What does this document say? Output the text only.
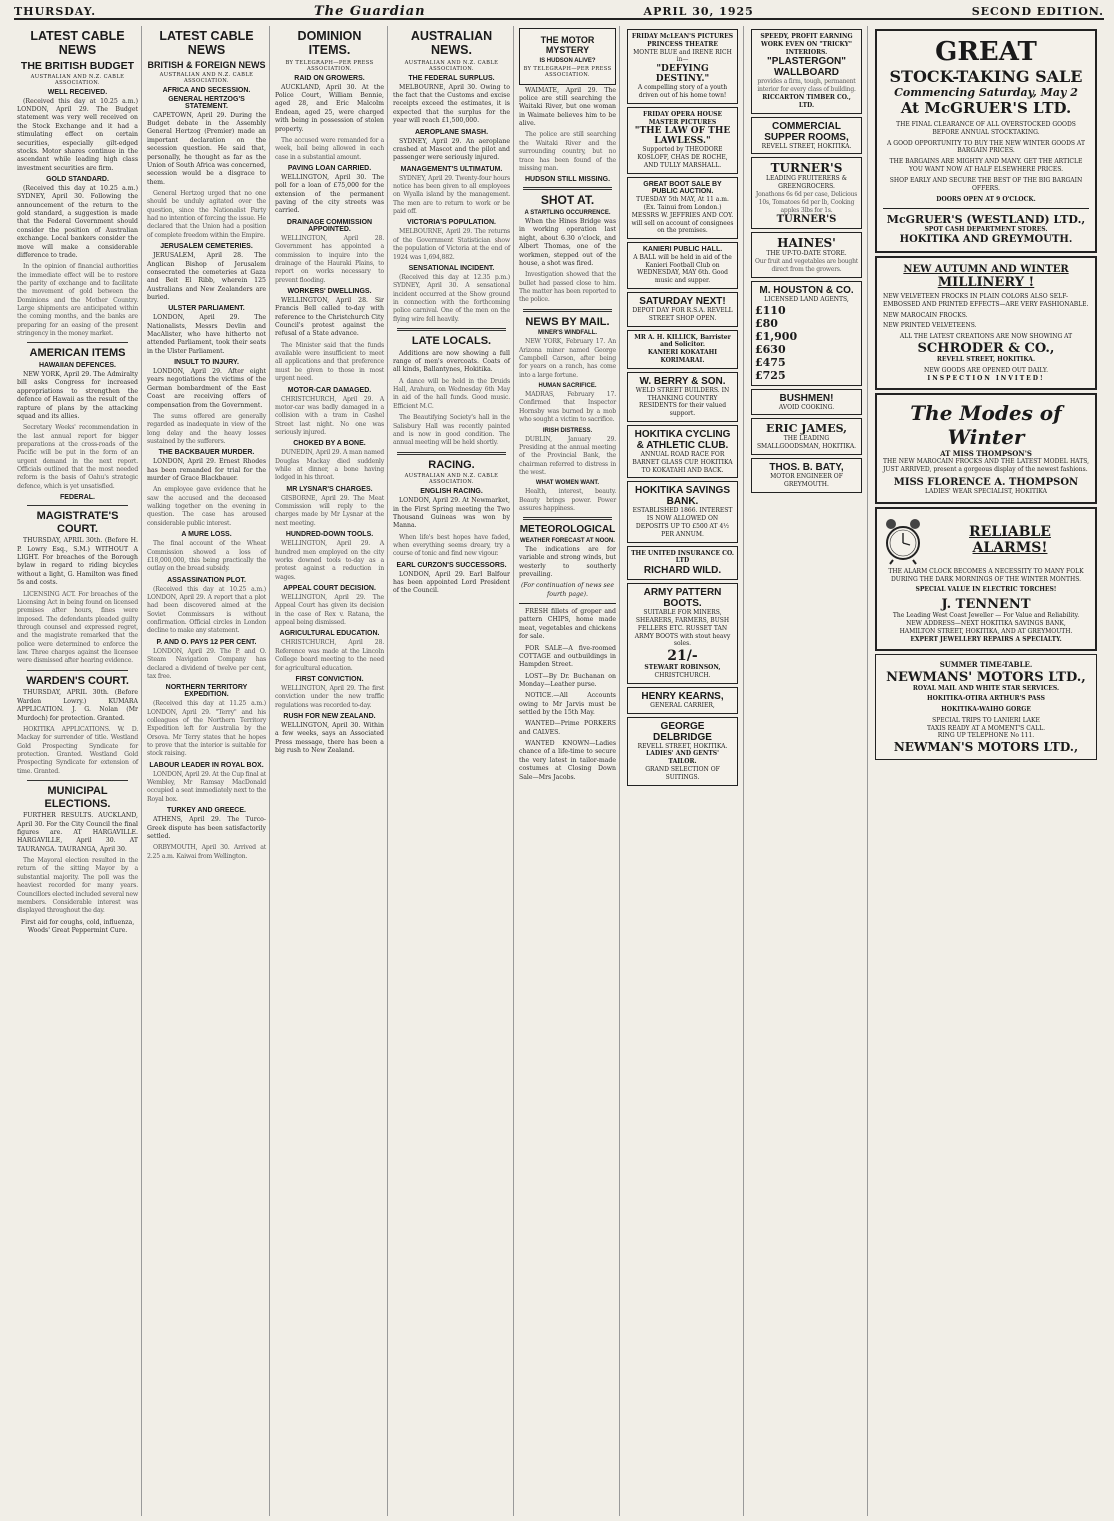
THURSDAY.	The Guardian	APRIL 30, 1925	SECOND EDITION.
LATEST CABLE NEWS
THE BRITISH BUDGET
AUSTRALIAN AND N.Z. CABLE ASSOCIATION.
WELL RECEIVED.

(Received this day at 10.25 a.m.) LONDON, April 29. The Budget statement was very well received on the Stock Exchange and it had a stimulating effect on certain securities, especially gilt-edged stocks. Motor shares continue in the ascendant while leading high class investment securities are firm.

GOLD STANDARD.

(Received this day at 10.25 a.m.) SYDNEY, April 30. Following the announcement of the return to the gold standard, a suggestion is made that the Federal Government should consider the position of Australian exchange. Local bankers consider the move will make a considerable difference to trade.

In the opinion of financial authorities the immediate effect will be to restore the parity of exchange and to facilitate the movement of gold between the Dominions and the Mother Country. Large shipments are anticipated within the coming months, and the banks are preparing for an easing of the present stringency in the money market.

AMERICAN ITEMS
HAWAIIAN DEFENCES.

NEW YORK, April 29. The Admiralty bill asks Congress for increased appropriations to strengthen the defence of Hawaii as the result of the rapture of plans by the attacking squad and its allies.

Secretary Weeks' recommendation in the last annual report for bigger preparations at the cross-roads of the Pacific will be put in the form of an urgent demand in the next report. Officials outlined that the most needed reform is the basis of Oahu's strategic defence, which is yet unsatisfied.

FEDERAL.
MAGISTRATE'S COURT.

THURSDAY, APRIL 30th. (Before H. P. Lowry Esq., S.M.) WITHOUT A LIGHT. For breaches of the Borough bylaw in regard to riding bicycles without a light, G. Hamilton was fined 5s and costs.

LICENSING ACT. For breaches of the Licensing Act in being found on licensed premises after hours, fines were imposed. The defendants pleaded guilty through counsel and expressed regret, and the magistrate remarked that the police were determined to enforce the law. Three charges against the licensee were dismissed after hearing evidence.

WARDEN'S COURT.

THURSDAY, APRIL 30th. (Before Warden Lowry.) KUMARA APPLICATION. J. G. Nolan (Mr Murdoch) for protection. Granted.

HOKITIKA APPLICATIONS. W. D. Mackay for surrender of title. Westland Gold Prospecting Syndicate for protection. Granted. Westland Gold Prospecting Syndicate for extension of time. Granted.

MUNICIPAL ELECTIONS.

FURTHER RESULTS. AUCKLAND, April 30. For the City Council the final figures are. AT HARGAVILLE. HARGAVILLE, April 30. AT TAURANGA. TAURANGA, April 30.

The Mayoral election resulted in the return of the sitting Mayor by a substantial majority. The poll was the heaviest recorded for many years. Councillors elected included several new members. Considerable interest was displayed throughout the day.

First aid for coughs, cold, influenza, Woods' Great Peppermint Cure.
LATEST CABLE NEWS
BRITISH & FOREIGN NEWS
AUSTRALIAN AND N.Z. CABLE ASSOCIATION.
AFRICA AND SECESSION.
GENERAL HERTZOG'S STATEMENT.

CAPETOWN, April 29. During the Budget debate in the Assembly General Hertzog (Premier) made an important declaration on the secession question. He said that, personally, he thought as far as the Union of South Africa was concerned, secession would be a disgrace to them.

General Hertzog urged that no one should be unduly agitated over the question, since the Nationalist Party had no intention of forcing the issue. He declared that the Union had a position of complete freedom within the Empire.

JERUSALEM CEMETERIES.

JERUSALEM, April 28. The Anglican Bishop of Jerusalem consecrated the cemeteries at Gaza and Beit El Ribb, wherein 125 Australians and New Zealanders are buried.

ULSTER PARLIAMENT.

LONDON, April 29. The Nationalists, Messrs Devlin and MacAlister, who have hitherto not attended Parliament, took their seats in the Ulster Parliament.

INSULT TO INJURY.

LONDON, April 29. After eight years negotiations the victims of the German bombardment of the East Coast are receiving offers of compensation from the Government.

The sums offered are generally regarded as inadequate in view of the long delay and the heavy losses sustained by the sufferers.

THE BACKBAUER MURDER.

LONDON, April 29. Ernest Rhodes has been remanded for trial for the murder of Grace Blackbauer.

An employee gave evidence that he saw the accused and the deceased walking together on the evening in question. The case has aroused considerable public interest.

A MURE LOSS.

The final account of the Wheat Commission showed a loss of £18,000,000, this being practically the outlay on the bread subsidy.

ASSASSINATION PLOT.

(Received this day at 10.25 a.m.) LONDON, April 29. A report that a plot had been discovered aimed at the Soviet Commissars is without confirmation. Official circles in London decline to make any statement.

P. AND O. PAYS 12 PER CENT.

LONDON, April 29. The P. and O. Steam Navigation Company has declared a dividend of twelve per cent, tax free.

NORTHERN TERRITORY EXPEDITION.

(Received this day at 11.25 a.m.) LONDON, April 29. "Terry" and his colleagues of the Northern Territory Expedition left for Australia by the Orsova. Mr Terry states that he hopes to prove that the interior is suitable for stock raising.

LABOUR LEADER IN ROYAL BOX.

LONDON, April 29. At the Cup final at Wembley, Mr Ramsay MacDonald occupied a seat immediately next to the Royal box.

TURKEY AND GREECE.

ATHENS, April 29. The Turco-Greek dispute has been satisfactorily settled.

ORBYMOUTH, April 30. Arrived at 2.25 a.m. Kaiwai from Wellington.

DOMINION ITEMS.
BY TELEGRAPH—PER PRESS ASSOCIATION.
RAID ON GROWERS.

AUCKLAND, April 30. At the Police Court, William Bennie, aged 28, and Eric Malcolm Endean, aged 25, were charged with being in possession of stolen property.

The accused were remanded for a week, bail being allowed in each case in a substantial amount.

PAVING LOAN CARRIED.

WELLINGTON, April 30. The poll for a loan of £75,000 for the extension of the permanent paving of the city streets was carried.

DRAINAGE COMMISSION APPOINTED.

WELLINGTON, April 28. Government has appointed a commission to inquire into the drainage of the Hauraki Plains, to report on works necessary to prevent flooding.

WORKERS' DWELLINGS.

WELLINGTON, April 28. Sir Francis Bell called to-day with reference to the Christchurch City Council's protest against the refusal of a State advance.

The Minister said that the funds available were insufficient to meet all applications and that preference must be given to those in most urgent need.

MOTOR-CAR DAMAGED.

CHRISTCHURCH, April 29. A motor-car was badly damaged in a collision with a tram in Cashel Street last night. No one was seriously injured.

CHOKED BY A BONE.

DUNEDIN, April 29. A man named Douglas Mackay died suddenly while at dinner, a bone having lodged in his throat.

MR LYSNAR'S CHARGES.

GISBORNE, April 29. The Meat Commission will reply to the charges made by Mr Lysnar at the next meeting.

HUNDRED-DOWN TOOLS.

WELLINGTON, April 29. A hundred men employed on the city works downed tools to-day as a protest against a reduction in wages.

APPEAL COURT DECISION.

WELLINGTON, April 29. The Appeal Court has given its decision in the case of Rex v. Ratana, the appeal being dismissed.

AGRICULTURAL EDUCATION.

CHRISTCHURCH, April 28. Reference was made at the Lincoln College board meeting to the need for agricultural education.

FIRST CONVICTION.

WELLINGTON, April 29. The first conviction under the new traffic regulations was recorded to-day.

RUSH FOR NEW ZEALAND.

WELLINGTON, April 30. Within a few weeks, says an Associated Press message, there has been a big rush to New Zealand.

AUSTRALIAN NEWS.
AUSTRALIAN AND N.Z. CABLE ASSOCIATION.
THE FEDERAL SURPLUS.

MELBOURNE, April 30. Owing to the fact that the Customs and excise receipts exceed the estimates, it is expected that the surplus for the year will reach £1,500,000.

AEROPLANE SMASH.

SYDNEY, April 29. An aeroplane crashed at Mascot and the pilot and passenger were seriously injured.

MANAGEMENT'S ULTIMATUM.

SYDNEY, April 29. Twenty-four hours notice has been given to all employees on Wyalla island by the management. The men are to return to work or be paid off.

VICTORIA'S POPULATION.

MELBOURNE, April 29. The returns of the Government Statistician show the population of Victoria at the end of 1924 was 1,694,882.

SENSATIONAL INCIDENT.

(Received this day at 12.35 p.m.) SYDNEY, April 30. A sensational incident occurred at the Show ground in connection with the forthcoming police carnival. One of the men on the flying wire fell heavily.

LATE LOCALS.

Additions are now showing a full range of men's overcoats. Coats of all kinds, Ballantynes, Hokitika.

A dance will be held in the Druids Hall, Arahura, on Wednesday 6th May in aid of the hall funds. Good music. Efficient M.C.

The Beautifying Society's hall in the Salisbury Hall was recently painted and is now in good condition. The annual meeting will be held shortly.

RACING.
AUSTRALIAN AND N.Z. CABLE ASSOCIATION.
ENGLISH RACING.

LONDON, April 29. At Newmarket, in the First Spring meeting the Two Thousand Guineas was won by Manna.

When life's best hopes have faded, when everything seems dreary, try a course of tonic and find new vigour.

EARL CURZON'S SUCCESSORS.

LONDON, April 29. Earl Balfour has been appointed Lord President of the Council.

THE MOTOR MYSTERY
IS HUDSON ALIVE?
BY TELEGRAPH—PER PRESS ASSOCIATION.

WAIMATE, April 29. The police are still searching the Waitaki River, but one woman in Waimate believes him to be alive.

The police are still searching the Waitaki River and the surrounding country, but no trace has been found of the missing man.

HUDSON STILL MISSING.
SHOT AT.
A STARTLING OCCURRENCE.

When the Hines Bridge was in working operation last night, about 6.30 o'clock, and Albert Thomas, one of the workmen, stepped out of the house, a shot was fired.

Investigation showed that the bullet had passed close to him. The matter has been reported to the police.

NEWS BY MAIL.
MINER'S WINDFALL.

NEW YORK, February 17. An Arizona miner named George Campbell Carson, after being for years on a ranch, has come into a large fortune.

HUMAN SACRIFICE.

MADRAS, February 17. Confirmed that Inspector Hornsby was burned by a mob who sought a victim to sacrifice.

IRISH DISTRESS.

DUBLIN, January 29. Presiding at the annual meeting of the Provincial Bank, the chairman referred to distress in the west.

WHAT WOMEN WANT.

Health, interest, beauty. Beauty brings power. Power assures happiness.

METEOROLOGICAL
WEATHER FORECAST AT NOON.

The indications are for variable and strong winds, but westerly to southerly prevailing.

(For continuation of news see fourth page).

FRESH fillets of groper and pattern CHIPS, home made meat, vegetables and chickens for sale.

FOR SALE—A five-roomed COTTAGE and outbuildings in Hampden Street.

LOST—By Dr. Buchanan on Monday—Leather purse.

NOTICE.—All Accounts owing to Mr Jarvis must be settled by the 15th May.

WANTED—Prime PORKERS and CALVES.

WANTED KNOWN—Ladies chance of a life-time to secure the very latest in tailor-made costumes at Closing Down Sale—Mrs Jacobs.

FRIDAY McLEAN'S PICTURES
PRINCESS THEATRE
MONTE BLUE and IRENE RICH in—
"DEFYING DESTINY."
A compelling story of a youth driven out of his home town!
FRIDAY OPERA HOUSE MASTER PICTURES
"THE LAW OF THE LAWLESS."
Supported by THEODORE KOSLOFF, CHAS DE ROCHE, AND TULLY MARSHALL.
GREAT BOOT SALE BY PUBLIC AUCTION.
TUESDAY 5th MAY, At 11 a.m. (Ex. Tainui from London.) MESSRS W. JEFFRIES AND COY. will sell on account of consignees on the premises.
KANIERI PUBLIC HALL.
A BALL will be held in aid of the Kanieri Football Club on WEDNESDAY, MAY 6th. Good music and supper.
SATURDAY NEXT!
DEPOT DAY FOR R.S.A. REVELL STREET SHOP OPEN.
MR A. H. KILLICK, Barrister and Solicitor.
KANIERI KOKATAHI KORIMARAI.
W. BERRY & SON.
WELD STREET BUILDERS. IN THANKING COUNTRY RESIDENTS for their valued support.
HOKITIKA CYCLING & ATHLETIC CLUB.
ANNUAL ROAD RACE FOR BARNET GLASS CUP. HOKITIKA TO KOKATAHI AND BACK.
HOKITIKA SAVINGS BANK.
ESTABLISHED 1866. INTEREST IS NOW ALLOWED ON DEPOSITS UP TO £500 AT 4½ PER ANNUM.
THE UNITED INSURANCE CO. LTD
RICHARD WILD.
ARMY PATTERN BOOTS.
SUITABLE FOR MINERS, SHEARERS, FARMERS, BUSH FELLERS ETC. RUSSET TAN ARMY BOOTS with stout heavy soles.
21/-
STEWART ROBINSON,
CHRISTCHURCH.
HENRY KEARNS,
GENERAL CARRIER,
GEORGE DELBRIDGE
REVELL STREET, HOKITIKA.
LADIES' AND GENTS' TAILOR.
GRAND SELECTION OF SUITINGS.
SPEEDY, PROFIT EARNING WORK EVEN ON "TRICKY" INTERIORS.
"PLASTERGON" WALLBOARD
provides a firm, tough, permanent interior for every class of building.
RICCARTON TIMBER CO., LTD.
COMMERCIAL SUPPER ROOMS,
REVELL STREET, HOKITIKA.
TURNER'S
LEADING FRUITERERS & GREENGROCERS.
Jonathons 6s 6d per case, Delicious 10s, Tomatoes 6d per lb, Cooking apples 3lbs for 1s.
TURNER'S
HAINES'
THE UP-TO-DATE STORE.
Our fruit and vegetables are bought direct from the growers.
M. HOUSTON & CO.
LICENSED LAND AGENTS,
£110
£80
£1,900
£630
£475
£725
BUSHMEN!
AVOID COOKING.
ERIC JAMES,
THE LEADING SMALLGOODSMAN, HOKITIKA.
THOS. B. BATY,
MOTOR ENGINEER OF GREYMOUTH.
GREAT
STOCK-TAKING SALE
Commencing Saturday, May 2
At McGRUER'S LTD.
THE FINAL CLEARANCE OF ALL OVERSTOCKED GOODS BEFORE ANNUAL STOCKTAKING.
A GOOD OPPORTUNITY TO BUY THE NEW WINTER GOODS AT BARGAIN PRICES.
THE BARGAINS ARE MIGHTY AND MANY. GET THE ARTICLE YOU WANT NOW AT HALF ELSEWHERE PRICES.
SHOP EARLY AND SECURE THE BEST OF THE BIG BARGAIN OFFERS.
DOORS OPEN AT 9 O'CLOCK.
McGRUER'S (WESTLAND) LTD.,
SPOT CASH DEPARTMENT STORES.
HOKITIKA AND GREYMOUTH.
NEW AUTUMN AND WINTER
MILLINERY !
NEW VELVETEEN FROCKS IN PLAIN COLORS ALSO SELF-EMBOSSED AND PRINTED EFFECTS—ARE VERY FASHIONABLE.
NEW MAROCAIN FROCKS.
NEW PRINTED VELVETEENS.
ALL THE LATEST CREATIONS ARE NOW SHOWING AT
SCHRODER & CO.,
REVELL STREET, HOKITIKA.
NEW GOODS ARE OPENED OUT DAILY.
INSPECTION INVITED!
The Modes of Winter
AT MISS THOMPSON'S
THE NEW MAROCAIN FROCKS AND THE LATEST MODEL HATS, JUST ARRIVED, present a gorgeous display of the newest fashions.
MISS FLORENCE A. THOMPSON
LADIES' WEAR SPECIALIST, HOKITIKA
RELIABLE
ALARMS!
THE ALARM CLOCK BECOMES A NECESSITY TO MANY FOLK DURING THE DARK MORNINGS OF THE WINTER MONTHS.
SPECIAL VALUE IN ELECTRIC TORCHES!
J. TENNENT
The Leading West Coast Jeweller — For Value and Reliability.
NEW ADDRESS—NEXT HOKITIKA SAVINGS BANK,
HAMILTON STREET, HOKITIKA, AND AT GREYMOUTH.
EXPERT JEWELLERY REPAIRS A SPECIALTY.
SUMMER TIME-TABLE.
NEWMANS' MOTORS LTD.,
ROYAL MAIL AND WHITE STAR SERVICES.
HOKITIKA-OTIRA ARTHUR'S PASS
HOKITIKA-WAIHO GORGE
SPECIAL TRIPS TO LANIERI LAKE
TAXIS READY AT A MOMENT'S CALL.
RING UP TELEPHONE No 111.
NEWMAN'S MOTORS LTD.,
